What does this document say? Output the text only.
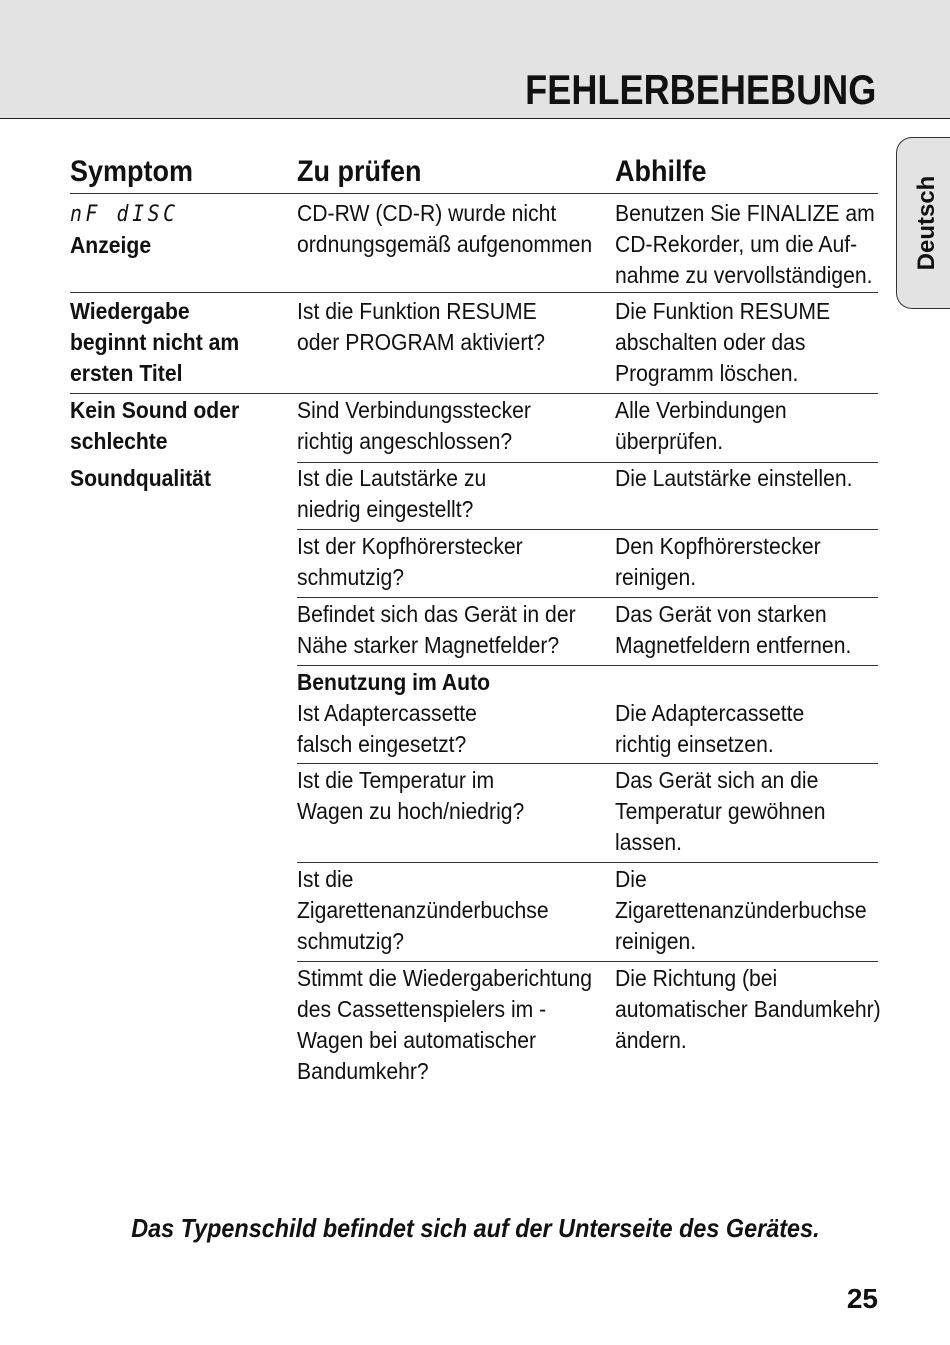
FEHLERBEHEBUNG
Deutsch
Symptom	Zu prüfen	Abhilfe
nF dISC
Anzeige
CD-RW (CD-R) wurde nicht
ordnungsgemäß aufgenommen
Benutzen Sie FINALIZE am
CD-Rekorder, um die Auf-
nahme zu vervollständigen.
Wiedergabe
beginnt nicht am
ersten Titel
Ist die Funktion RESUME
oder PROGRAM aktiviert?
Die Funktion RESUME
abschalten oder das
Programm löschen.
Kein Sound oder
schlechte
Soundqualität
Sind Verbindungsstecker
richtig angeschlossen?
Alle Verbindungen
überprüfen.
Ist die Lautstärke zu
niedrig eingestellt?
Die Lautstärke einstellen.
Ist der Kopfhörerstecker
schmutzig?
Den Kopfhörerstecker
reinigen.
Befindet sich das Gerät in der
Nähe starker Magnetfelder?
Das Gerät von starken
Magnetfeldern entfernen.
Benutzung im Auto
Ist Adaptercassette
falsch eingesetzt?
Die Adaptercassette
richtig einsetzen.
Ist die Temperatur im
Wagen zu hoch/niedrig?
Das Gerät sich an die
Temperatur gewöhnen
lassen.
Ist die
Zigarettenanzünderbuchse
schmutzig?
Die
Zigarettenanzünderbuchse
reinigen.
Stimmt die Wiedergaberichtung
des Cassettenspielers im -
Wagen bei automatischer
Bandumkehr?
Die Richtung (bei
automatischer Bandumkehr)
ändern.
Das Typenschild befindet sich auf der Unterseite des Gerätes.
25
